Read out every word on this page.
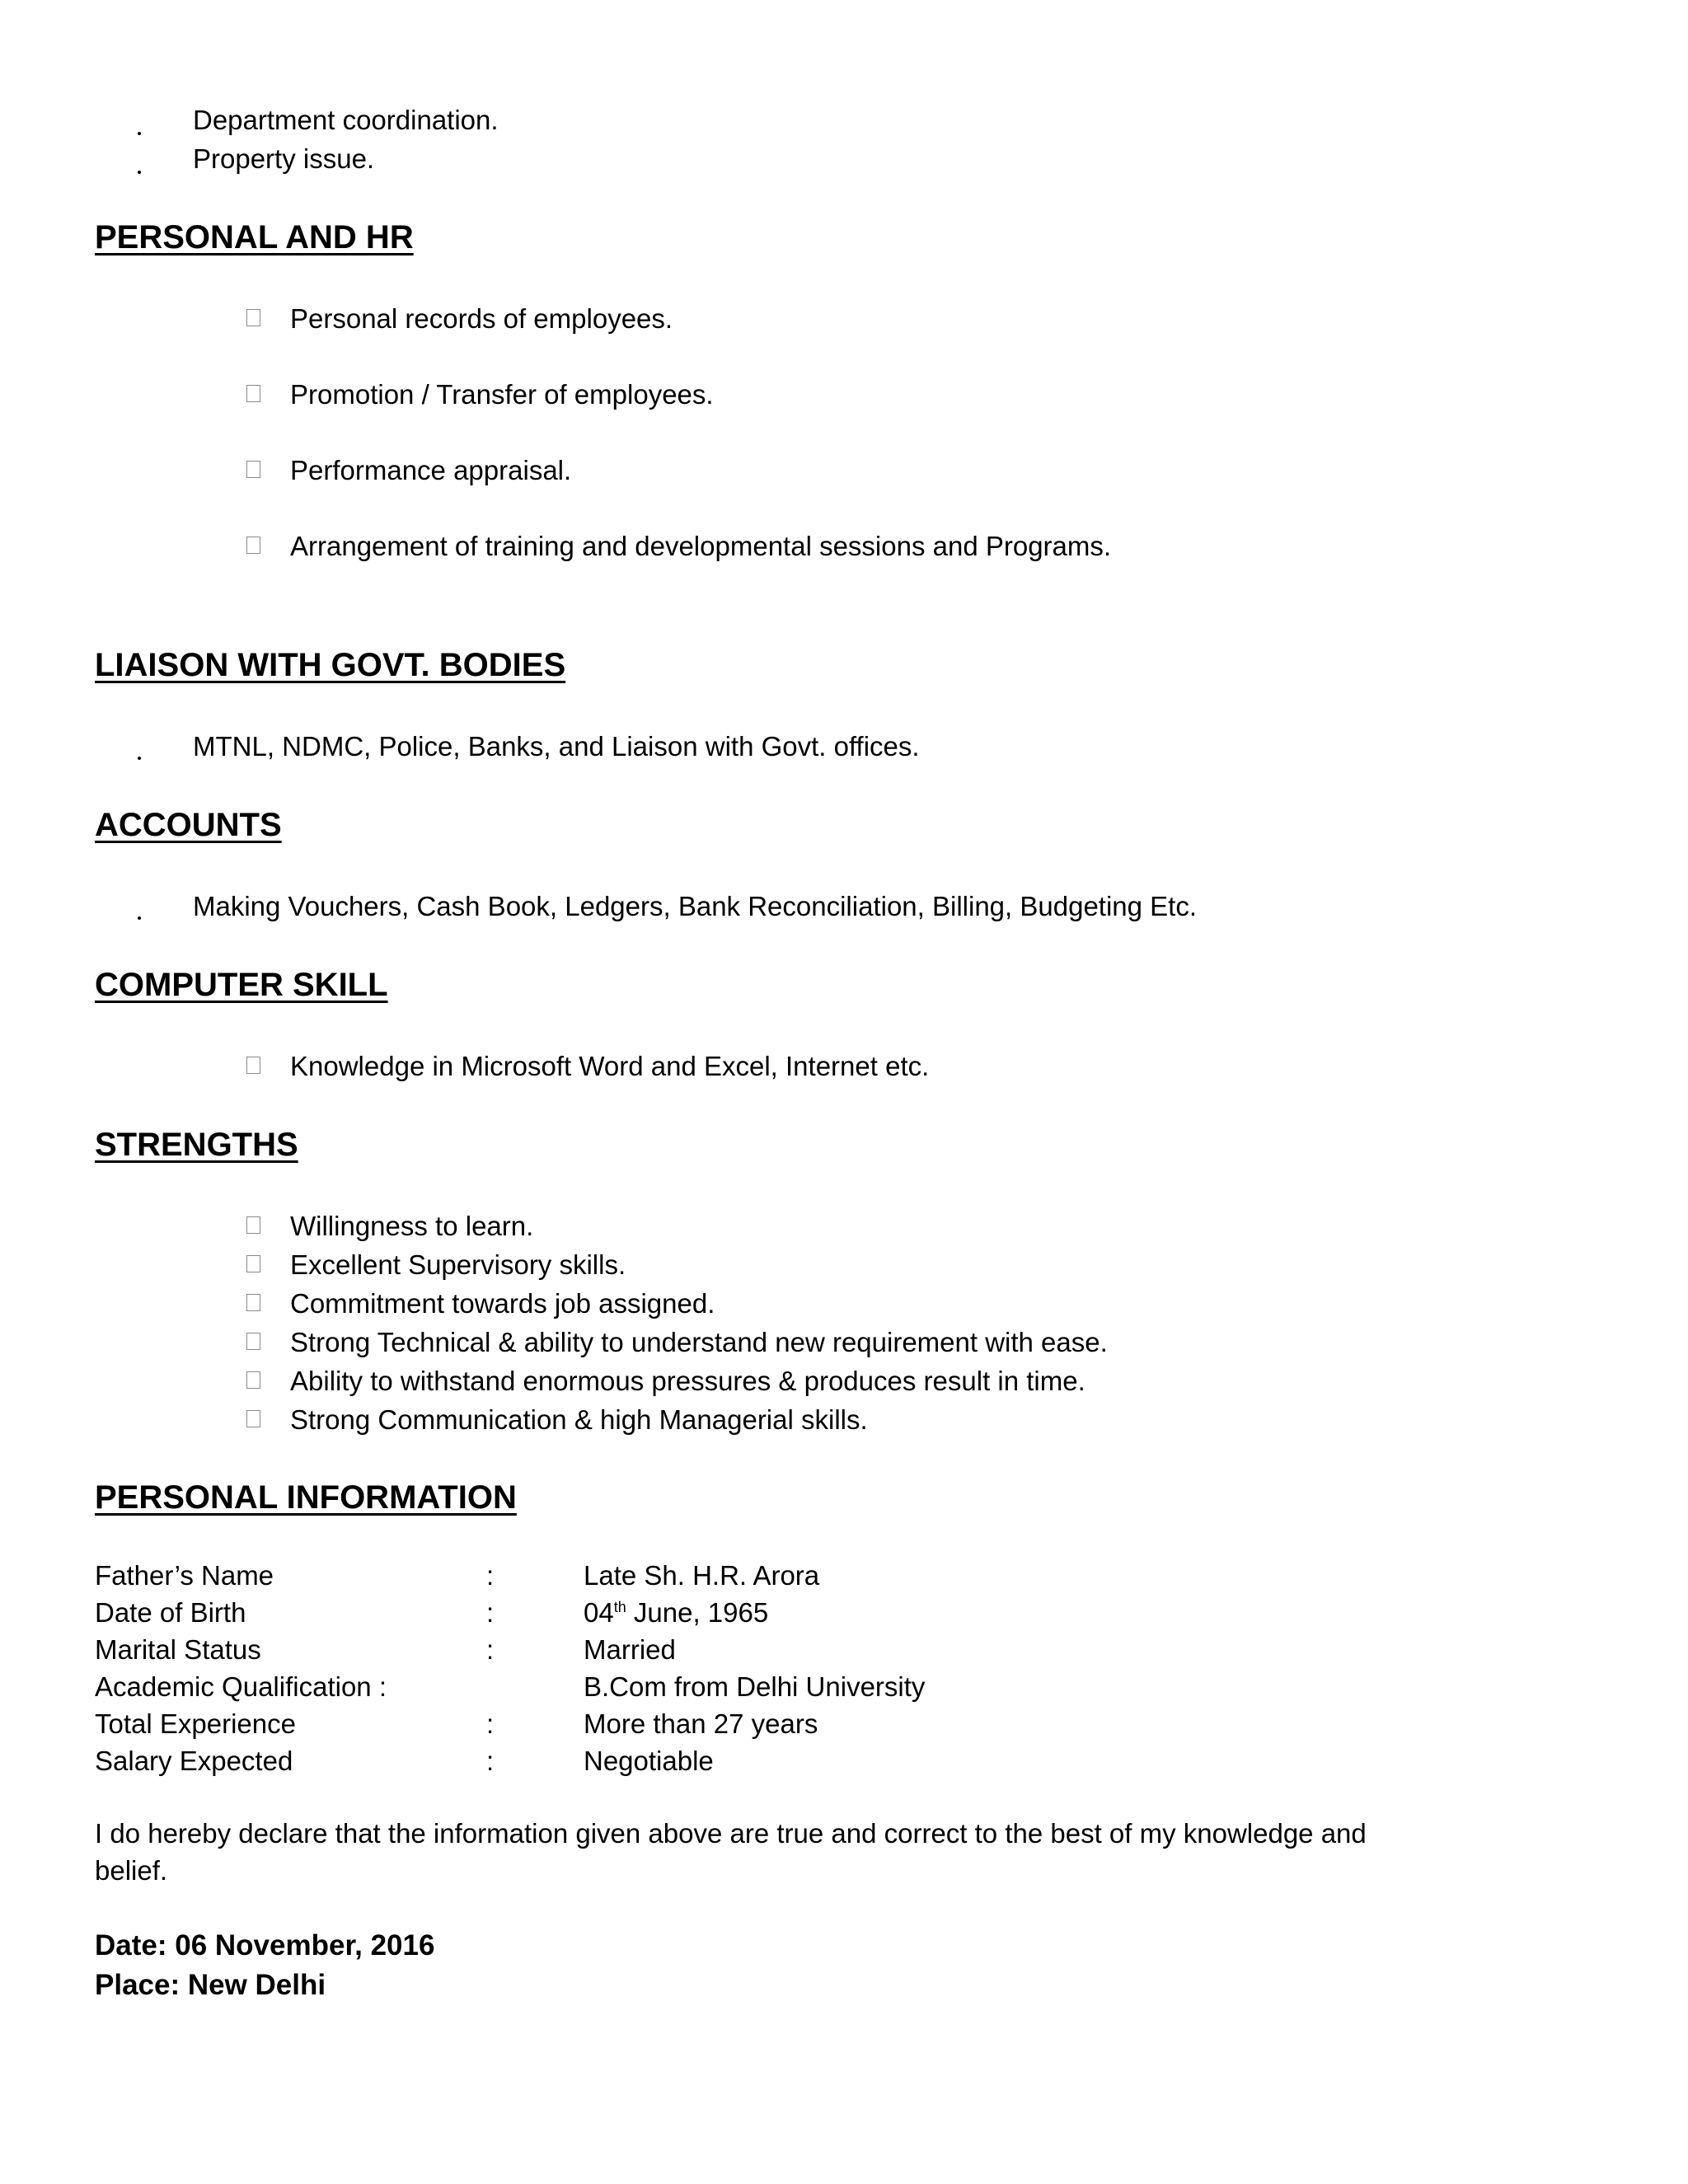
Department coordination.
Property issue.
PERSONAL AND HR
Personal records of employees.
Promotion / Transfer of employees.
Performance appraisal.
Arrangement of training and developmental sessions and Programs.
LIAISON WITH GOVT. BODIES
MTNL, NDMC, Police, Banks, and Liaison with Govt. offices.
ACCOUNTS
Making Vouchers, Cash Book, Ledgers, Bank Reconciliation, Billing, Budgeting Etc.
COMPUTER SKILL
Knowledge in Microsoft Word and Excel, Internet etc.
STRENGTHS
Willingness to learn.
Excellent Supervisory skills.
Commitment towards job assigned.
Strong Technical & ability to understand new requirement with ease.
Ability to withstand enormous pressures & produces result in time.
Strong Communication & high Managerial skills.
PERSONAL INFORMATION
Father’s Name	:	Late Sh. H.R. Arora
Date of Birth	:	04th June, 1965
Marital Status	:	Married
Academic Qualification :	B.Com from Delhi University
Total Experience	:	More than 27 years
Salary Expected	:	Negotiable
I do hereby declare that the information given above are true and correct to the best of my knowledge and
belief.
Date: 06 November, 2016
Place: New Delhi
